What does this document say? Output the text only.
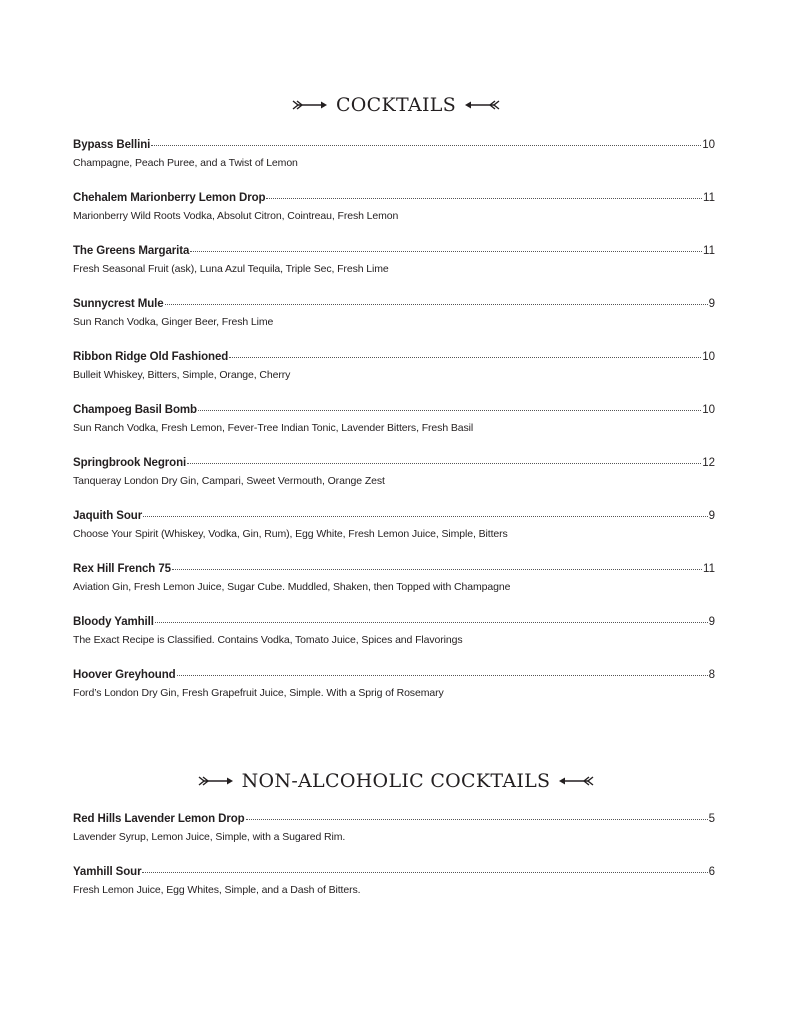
COCKTAILS
Bypass Bellini	10
Champagne, Peach Puree, and a Twist of Lemon
Chehalem Marionberry Lemon Drop	11
Marionberry Wild Roots Vodka, Absolut Citron, Cointreau, Fresh Lemon
The Greens Margarita	11
Fresh Seasonal Fruit (ask), Luna Azul Tequila, Triple Sec, Fresh Lime
Sunnycrest Mule	9
Sun Ranch Vodka, Ginger Beer, Fresh Lime
Ribbon Ridge Old Fashioned	10
Bulleit Whiskey, Bitters, Simple, Orange, Cherry
Champoeg Basil Bomb	10
Sun Ranch Vodka, Fresh Lemon, Fever-Tree Indian Tonic, Lavender Bitters, Fresh Basil
Springbrook Negroni	12
Tanqueray London Dry Gin, Campari, Sweet Vermouth, Orange Zest
Jaquith Sour	9
Choose Your Spirit (Whiskey, Vodka, Gin, Rum), Egg White, Fresh Lemon Juice, Simple, Bitters
Rex Hill French 75	11
Aviation Gin, Fresh Lemon Juice, Sugar Cube. Muddled, Shaken, then Topped with Champagne
Bloody Yamhill	9
The Exact Recipe is Classified. Contains Vodka, Tomato Juice, Spices and Flavorings
Hoover Greyhound	8
Ford’s London Dry Gin, Fresh Grapefruit Juice, Simple. With a Sprig of Rosemary
NON-ALCOHOLIC COCKTAILS
Red Hills Lavender Lemon Drop	5
Lavender Syrup, Lemon Juice, Simple, with a Sugared Rim.
Yamhill Sour	6
Fresh Lemon Juice, Egg Whites, Simple, and a Dash of Bitters.
